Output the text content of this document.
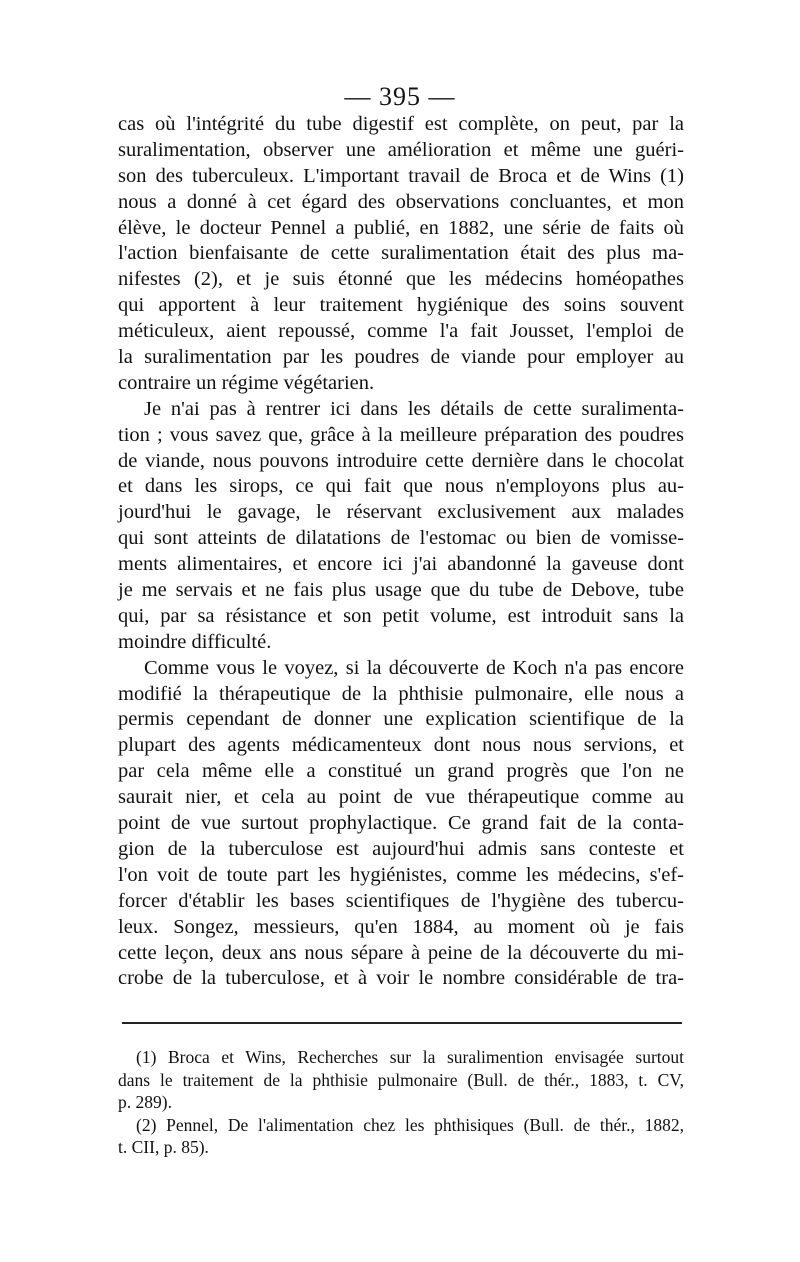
— 395 —
cas où l'intégrité du tube digestif est complète, on peut, par la
suralimentation, observer une amélioration et même une guéri-
son des tuberculeux. L'important travail de Broca et de Wins (1)
nous a donné à cet égard des observations concluantes, et mon
élève, le docteur Pennel a publié, en 1882, une série de faits où
l'action bienfaisante de cette suralimentation était des plus ma-
nifestes (2), et je suis étonné que les médecins homéopathes
qui apportent à leur traitement hygiénique des soins souvent
méticuleux, aient repoussé, comme l'a fait Jousset, l'emploi de
la suralimentation par les poudres de viande pour employer au
contraire un régime végétarien.
Je n'ai pas à rentrer ici dans les détails de cette suralimenta-
tion ; vous savez que, grâce à la meilleure préparation des poudres
de viande, nous pouvons introduire cette dernière dans le chocolat
et dans les sirops, ce qui fait que nous n'employons plus au-
jourd'hui le gavage, le réservant exclusivement aux malades
qui sont atteints de dilatations de l'estomac ou bien de vomisse-
ments alimentaires, et encore ici j'ai abandonné la gaveuse dont
je me servais et ne fais plus usage que du tube de Debove, tube
qui, par sa résistance et son petit volume, est introduit sans la
moindre difficulté.
Comme vous le voyez, si la découverte de Koch n'a pas encore
modifié la thérapeutique de la phthisie pulmonaire, elle nous a
permis cependant de donner une explication scientifique de la
plupart des agents médicamenteux dont nous nous servions, et
par cela même elle a constitué un grand progrès que l'on ne
saurait nier, et cela au point de vue thérapeutique comme au
point de vue surtout prophylactique. Ce grand fait de la conta-
gion de la tuberculose est aujourd'hui admis sans conteste et
l'on voit de toute part les hygiénistes, comme les médecins, s'ef-
forcer d'établir les bases scientifiques de l'hygiène des tubercu-
leux. Songez, messieurs, qu'en 1884, au moment où je fais
cette leçon, deux ans nous sépare à peine de la découverte du mi-
crobe de la tuberculose, et à voir le nombre considérable de tra-
(1) Broca et Wins, Recherches sur la suralimention envisagée surtout
dans le traitement de la phthisie pulmonaire (Bull. de thér., 1883, t. CV,
p. 289).
(2) Pennel, De l'alimentation chez les phthisiques (Bull. de thér., 1882,
t. CII, p. 85).
